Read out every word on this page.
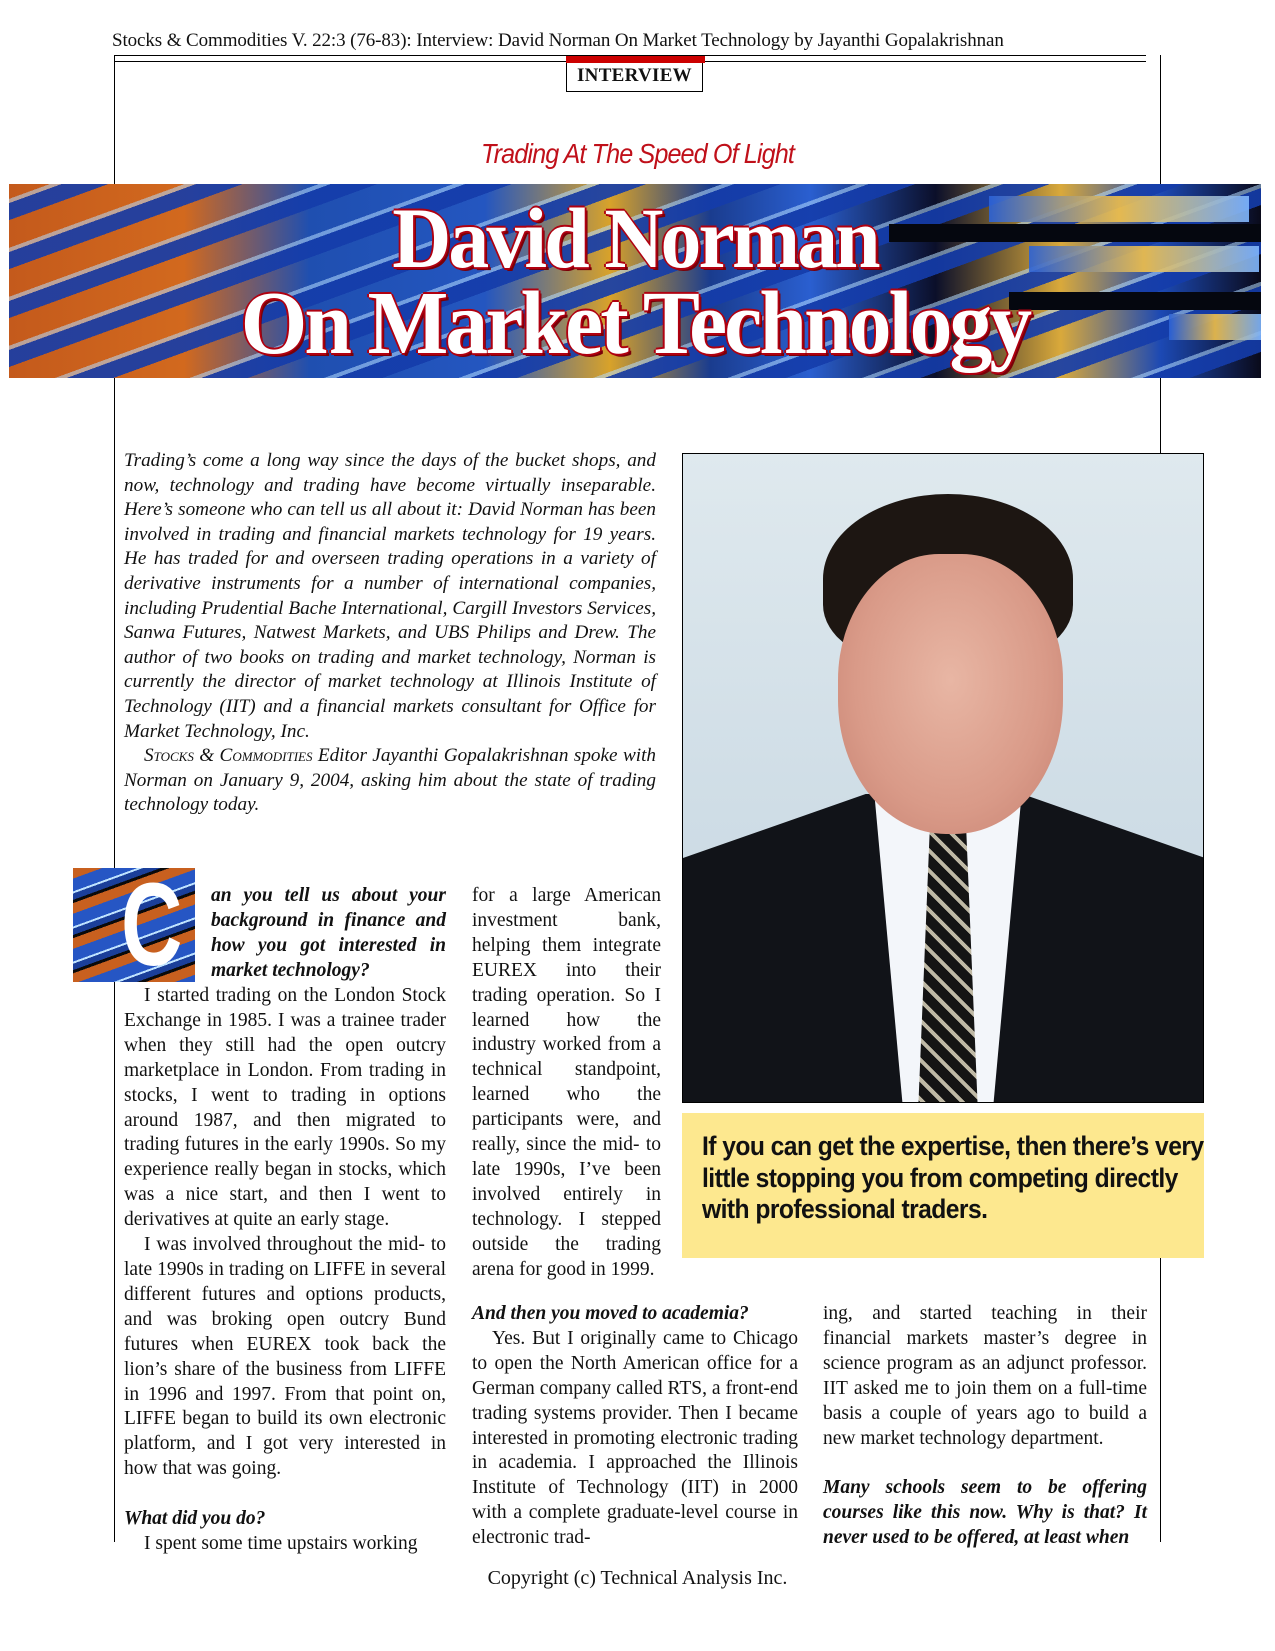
Stocks & Commodities V. 22:3 (76-83): Interview: David Norman On Market Technology by Jayanthi Gopalakrishnan
INTERVIEW
Trading At The Speed Of Light
David Norman
On Market Technology

Trading’s come a long way since the days of the bucket shops, and now, technology and trading have become virtually inseparable. Here’s someone who can tell us all about it: David Norman has been involved in trading and financial markets technology for 19 years. He has traded for and overseen trading operations in a variety of derivative instruments for a number of international companies, including Prudential Bache International, Cargill Investors Services, Sanwa Futures, Natwest Markets, and UBS Philips and Drew. The author of two books on trading and market technology, Norman is currently the director of market technology at Illinois Institute of Technology (IIT) and a financial markets consultant for Office for Market Technology, Inc.

Stocks & Commodities Editor Jayanthi Gopalakrishnan spoke with Norman on January 9, 2004, asking him about the state of trading technology today.

If you can get the expertise, then there’s very little stopping you from competing directly with professional traders.

C an you tell us about your background in finance and how you got interested in market technology?

I started trading on the London Stock Exchange in 1985. I was a trainee trader when they still had the open outcry marketplace in London. From trading in stocks, I went to trading in options around 1987, and then migrated to trading futures in the early 1990s. So my experience really began in stocks, which was a nice start, and then I went to derivatives at quite an early stage.

I was involved throughout the mid- to late 1990s in trading on LIFFE in several different futures and options products, and was broking open outcry Bund futures when EUREX took back the lion’s share of the business from LIFFE in 1996 and 1997. From that point on, LIFFE began to build its own electronic platform, and I got very interested in how that was going.

What did you do?

I spent some time upstairs working

for a large American investment bank, helping them integrate EUREX into their trading operation. So I learned how the industry worked from a technical standpoint, learned who the participants were, and really, since the mid- to late 1990s, I’ve been involved entirely in technology. I stepped outside the trading arena for good in 1999.

And then you moved to academia?

Yes. But I originally came to Chicago to open the North American office for a German company called RTS, a front-end trading systems provider. Then I became interested in promoting electronic trading in academia. I approached the Illinois Institute of Technology (IIT) in 2000 with a complete graduate-level course in electronic trad-

ing, and started teaching in their financial markets master’s degree in science program as an adjunct professor. IIT asked me to join them on a full-time basis a couple of years ago to build a new market technology department.

Many schools seem to be offering courses like this now. Why is that? It never used to be offered, at least when

Copyright (c) Technical Analysis Inc.
